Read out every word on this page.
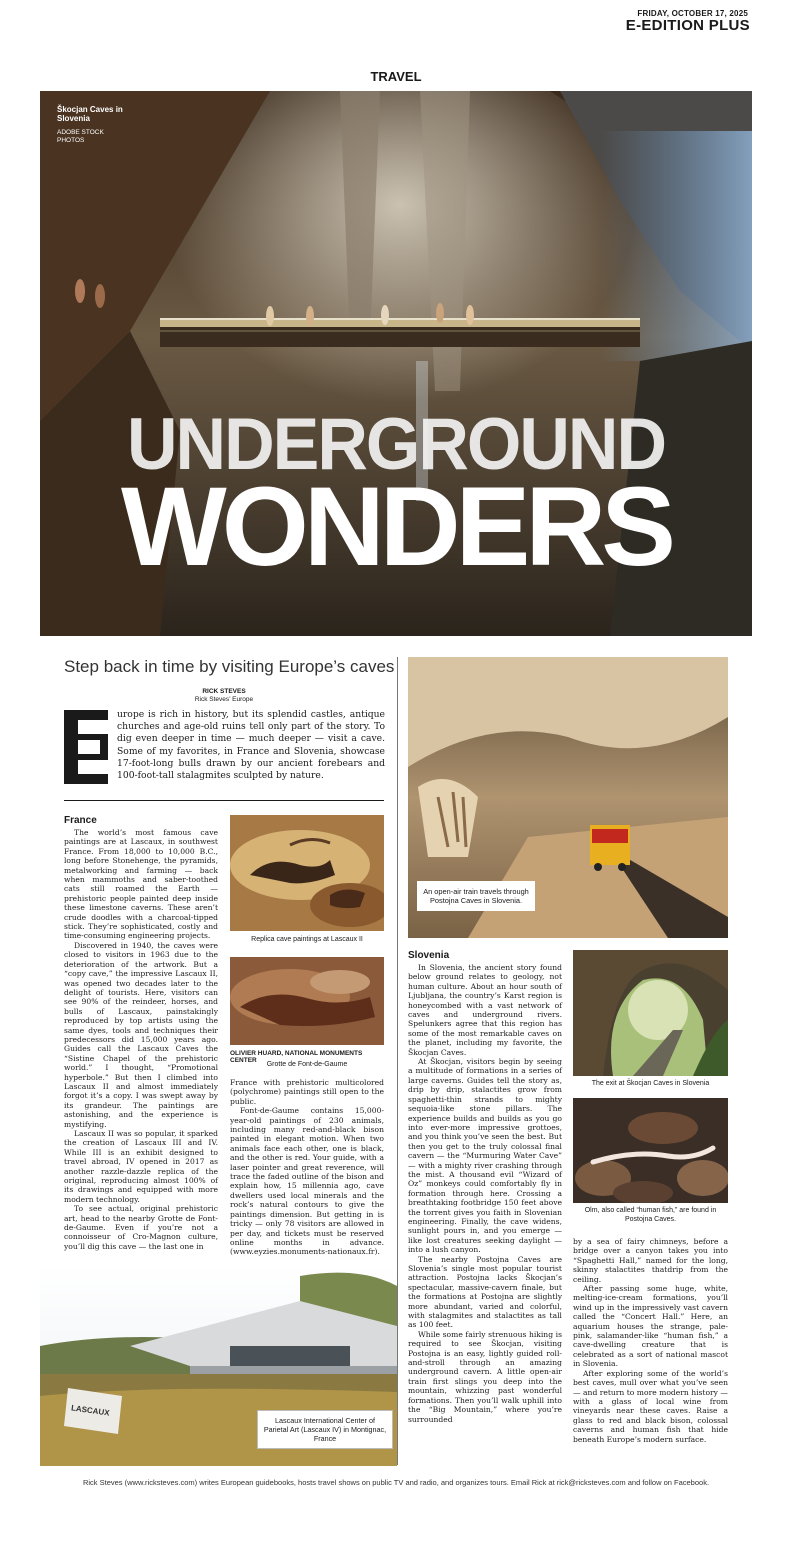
FRIDAY, OCTOBER 17, 2025
E-EDITION PLUS
TRAVEL
Škocjan Caves in Slovenia
ADOBE STOCK PHOTOS
UNDERGROUND
WONDERS
Step back in time by visiting Europe’s caves
RICK STEVES
Rick Steves’ Europe
urope is rich in history, but its splendid castles, antique churches and age-old ruins tell only part of the story. To dig even deeper in time — much deeper — visit a cave. Some of my favorites, in France and Slovenia, showcase 17-foot-long bulls drawn by our ancient forebears and 100-foot-tall stalagmites sculpted by nature.
France

The world’s most famous cave paintings are at Lascaux, in southwest France. From 18,000 to 10,000 B.C., long before Stonehenge, the pyramids, metalworking and farming — back when mammoths and saber-toothed cats still roamed the Earth — prehistoric people painted deep inside these limestone caverns. These aren’t crude doodles with a charcoal-tipped stick. They’re sophisticated, costly and time-consuming engineering projects.

Discovered in 1940, the caves were closed to visitors in 1963 due to the deterioration of the artwork. But a “copy cave,” the impressive Lascaux II, was opened two decades later to the delight of tourists. Here, visitors can see 90% of the reindeer, horses, and bulls of Lascaux, painstakingly reproduced by top artists using the same dyes, tools and techniques their predecessors did 15,000 years ago. Guides call the Lascaux Caves the “Sistine Chapel of the prehistoric world.” I thought, “Promotional hyperbole.” But then I climbed into Lascaux II and almost immediately forgot it’s a copy. I was swept away by its grandeur. The paintings are astonishing, and the experience is mystifying.

Lascaux II was so popular, it sparked the creation of Lascaux III and IV. While III is an exhibit designed to travel abroad, IV opened in 2017 as another razzle-dazzle replica of the original, reproducing almost 100% of its drawings and equipped with more modern technology.

To see actual, original prehistoric art, head to the nearby Grotte de Font-de-Gaume. Even if you’re not a connoisseur of Cro-Magnon culture, you’ll dig this cave — the last one in

Replica cave paintings at Lascaux II
OLIVIER HUARD, NATIONAL MONUMENTS CENTER
Grotte de Font-de-Gaume

France with prehistoric multicolored (polychrome) paintings still open to the public.

Font-de-Gaume contains 15,000-year-old paintings of 230 animals, including many red-and-black bison painted in elegant motion. When two animals face each other, one is black, and the other is red. Your guide, with a laser pointer and great reverence, will trace the faded outline of the bison and explain how, 15 millennia ago, cave dwellers used local minerals and the rock’s natural contours to give the paintings dimension. But getting in is tricky — only 78 visitors are allowed in per day, and tickets must be reserved online months in advance. (www.eyzies.monuments-nationaux.fr).

LASCAUX
Lascaux International Center of Parietal Art (Lascaux IV) in Montignac, France
An open-air train travels through Postojna Caves in Slovenia.
Slovenia

In Slovenia, the ancient story found below ground relates to geology, not human culture. About an hour south of Ljubljana, the country’s Karst region is honeycombed with a vast network of caves and underground rivers. Spelunkers agree that this region has some of the most remarkable caves on the planet, including my favorite, the Škocjan Caves.

At Škocjan, visitors begin by seeing a multitude of formations in a series of large caverns. Guides tell the story as, drip by drip, stalactites grow from spaghetti-thin strands to mighty sequoia-like stone pillars. The experience builds and builds as you go into ever-more impressive grottoes, and you think you’ve seen the best. But then you get to the truly colossal final cavern — the “Murmuring Water Cave” — with a mighty river crashing through the mist. A thousand evil “Wizard of Oz” monkeys could comfortably fly in formation through here. Crossing a breathtaking footbridge 150 feet above the torrent gives you faith in Slovenian engineering. Finally, the cave widens, sunlight pours in, and you emerge — like lost creatures seeking daylight — into a lush canyon.

The nearby Postojna Caves are Slovenia’s single most popular tourist attraction. Postojna lacks Škocjan’s spectacular, massive-cavern finale, but the formations at Postojna are slightly more abundant, varied and colorful, with stalagmites and stalactites as tall as 100 feet.

While some fairly strenuous hiking is required to see Škocjan, visiting Postojna is an easy, lightly guided roll-and-stroll through an amazing underground cavern. A little open-air train first slings you deep into the mountain, whizzing past wonderful formations. Then you’ll walk uphill into the “Big Mountain,” where you’re surrounded

The exit at Škocjan Caves in Slovenia
Olm, also called “human fish,” are found in Postojna Caves.

by a sea of fairy chimneys, before a bridge over a canyon takes you into “Spaghetti Hall,” named for the long, skinny stalactites thatdrip from the ceiling.

After passing some huge, white, melting-ice-cream formations, you’ll wind up in the impressively vast cavern called the “Concert Hall.” Here, an aquarium houses the strange, pale-pink, salamander-like “human fish,” a cave-dwelling creature that is celebrated as a sort of national mascot in Slovenia.

After exploring some of the world’s best caves, mull over what you’ve seen — and return to more modern history — with a glass of local wine from vineyards near these caves. Raise a glass to red and black bison, colossal caverns and human fish that hide beneath Europe’s modern surface.

Rick Steves (www.ricksteves.com) writes European guidebooks, hosts travel shows on public TV and radio, and organizes tours. Email Rick at rick@ricksteves.com and follow on Facebook.
